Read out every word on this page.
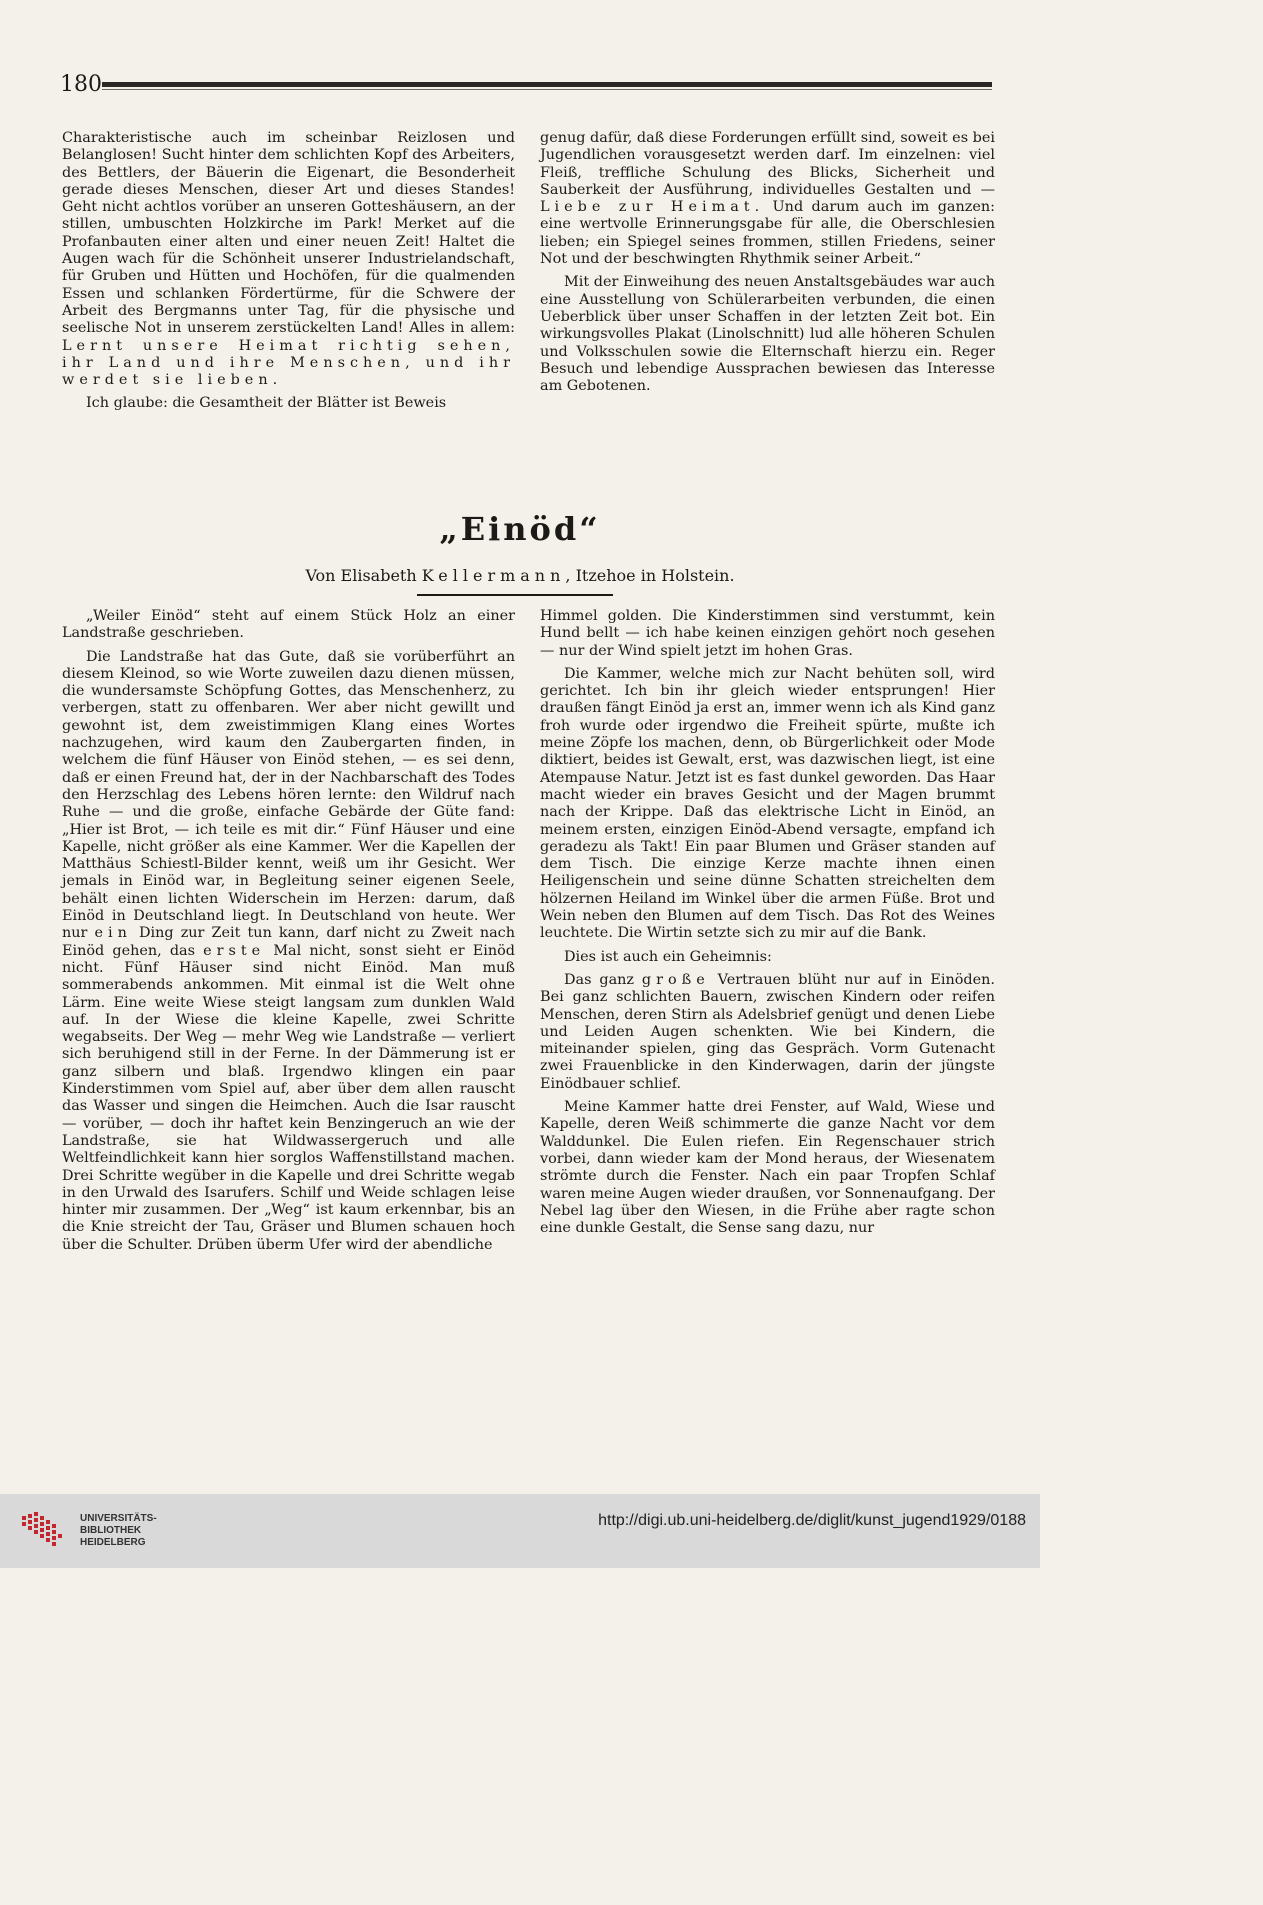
180

Charakteristische auch im scheinbar Reizlosen und Belanglosen! Sucht hinter dem schlichten Kopf des Arbeiters, des Bettlers, der Bäuerin die Eigenart, die Besonderheit gerade dieses Menschen, dieser Art und dieses Standes! Geht nicht achtlos vorüber an unseren Gotteshäusern, an der stillen, umbuschten Holzkirche im Park! Merket auf die Profanbauten einer alten und einer neuen Zeit! Haltet die Augen wach für die Schönheit unserer Industrielandschaft, für Gruben und Hütten und Hochöfen, für die qualmenden Essen und schlanken Fördertürme, für die Schwere der Arbeit des Bergmanns unter Tag, für die physische und seelische Not in unserem zerstückelten Land! Alles in allem: Lernt unsere Heimat richtig sehen, ihr Land und ihre Menschen, und ihr werdet sie lieben.

Ich glaube: die Gesamtheit der Blätter ist Beweis

genug dafür, daß diese Forderungen erfüllt sind, soweit es bei Jugendlichen vorausgesetzt werden darf. Im einzelnen: viel Fleiß, treffliche Schulung des Blicks, Sicherheit und Sauberkeit der Ausführung, individuelles Gestalten und — Liebe zur Heimat. Und darum auch im ganzen: eine wertvolle Erinnerungsgabe für alle, die Oberschlesien lieben; ein Spiegel seines frommen, stillen Friedens, seiner Not und der beschwingten Rhythmik seiner Arbeit.“

Mit der Einweihung des neuen Anstaltsgebäudes war auch eine Ausstellung von Schülerarbeiten verbunden, die einen Ueberblick über unser Schaffen in der letzten Zeit bot. Ein wirkungsvolles Plakat (Linolschnitt) lud alle höheren Schulen und Volksschulen sowie die Elternschaft hierzu ein. Reger Besuch und lebendige Aussprachen bewiesen das Interesse am Gebotenen.

„Einöd“
Von Elisabeth Kellermann, Itzehoe in Holstein.

„Weiler Einöd“ steht auf einem Stück Holz an einer Landstraße geschrieben.

Die Landstraße hat das Gute, daß sie vorüberführt an diesem Kleinod, so wie Worte zuweilen dazu dienen müssen, die wundersamste Schöpfung Gottes, das Menschenherz, zu verbergen, statt zu offenbaren. Wer aber nicht gewillt und gewohnt ist, dem zweistimmigen Klang eines Wortes nachzugehen, wird kaum den Zaubergarten finden, in welchem die fünf Häuser von Einöd stehen, — es sei denn, daß er einen Freund hat, der in der Nachbarschaft des Todes den Herzschlag des Lebens hören lernte: den Wildruf nach Ruhe — und die große, einfache Gebärde der Güte fand: „Hier ist Brot, — ich teile es mit dir.“ Fünf Häuser und eine Kapelle, nicht größer als eine Kammer. Wer die Kapellen der Matthäus Schiestl-Bilder kennt, weiß um ihr Gesicht. Wer jemals in Einöd war, in Begleitung seiner eigenen Seele, behält einen lichten Widerschein im Herzen: darum, daß Einöd in Deutschland liegt. In Deutschland von heute. Wer nur ein Ding zur Zeit tun kann, darf nicht zu Zweit nach Einöd gehen, das erste Mal nicht, sonst sieht er Einöd nicht. Fünf Häuser sind nicht Einöd. Man muß sommerabends ankommen. Mit einmal ist die Welt ohne Lärm. Eine weite Wiese steigt langsam zum dunklen Wald auf. In der Wiese die kleine Kapelle, zwei Schritte wegabseits. Der Weg — mehr Weg wie Landstraße — verliert sich beruhigend still in der Ferne. In der Dämmerung ist er ganz silbern und blaß. Irgendwo klingen ein paar Kinderstimmen vom Spiel auf, aber über dem allen rauscht das Wasser und singen die Heimchen. Auch die Isar rauscht — vorüber, — doch ihr haftet kein Benzingeruch an wie der Landstraße, sie hat Wildwassergeruch und alle Weltfeindlichkeit kann hier sorglos Waffenstillstand machen. Drei Schritte wegüber in die Kapelle und drei Schritte wegab in den Urwald des Isarufers. Schilf und Weide schlagen leise hinter mir zusammen. Der „Weg“ ist kaum erkennbar, bis an die Knie streicht der Tau, Gräser und Blumen schauen hoch über die Schulter. Drüben überm Ufer wird der abendliche

Himmel golden. Die Kinderstimmen sind verstummt, kein Hund bellt — ich habe keinen einzigen gehört noch gesehen — nur der Wind spielt jetzt im hohen Gras.

Die Kammer, welche mich zur Nacht behüten soll, wird gerichtet. Ich bin ihr gleich wieder entsprungen! Hier draußen fängt Einöd ja erst an, immer wenn ich als Kind ganz froh wurde oder irgendwo die Freiheit spürte, mußte ich meine Zöpfe los machen, denn, ob Bürgerlichkeit oder Mode diktiert, beides ist Gewalt, erst, was dazwischen liegt, ist eine Atempause Natur. Jetzt ist es fast dunkel geworden. Das Haar macht wieder ein braves Gesicht und der Magen brummt nach der Krippe. Daß das elektrische Licht in Einöd, an meinem ersten, einzigen Einöd-Abend versagte, empfand ich geradezu als Takt! Ein paar Blumen und Gräser standen auf dem Tisch. Die einzige Kerze machte ihnen einen Heiligenschein und seine dünne Schatten streichelten dem hölzernen Heiland im Winkel über die armen Füße. Brot und Wein neben den Blumen auf dem Tisch. Das Rot des Weines leuchtete. Die Wirtin setzte sich zu mir auf die Bank.

Dies ist auch ein Geheimnis:

Das ganz große Vertrauen blüht nur auf in Einöden. Bei ganz schlichten Bauern, zwischen Kindern oder reifen Menschen, deren Stirn als Adelsbrief genügt und denen Liebe und Leiden Augen schenkten. Wie bei Kindern, die miteinander spielen, ging das Gespräch. Vorm Gutenacht zwei Frauenblicke in den Kinderwagen, darin der jüngste Einödbauer schlief.

Meine Kammer hatte drei Fenster, auf Wald, Wiese und Kapelle, deren Weiß schimmerte die ganze Nacht vor dem Walddunkel. Die Eulen riefen. Ein Regenschauer strich vorbei, dann wieder kam der Mond heraus, der Wiesenatem strömte durch die Fenster. Nach ein paar Tropfen Schlaf waren meine Augen wieder draußen, vor Sonnenaufgang. Der Nebel lag über den Wiesen, in die Frühe aber ragte schon eine dunkle Gestalt, die Sense sang dazu, nur

UNIVERSITÄTS-
BIBLIOTHEK
HEIDELBERG
http://digi.ub.uni-heidelberg.de/diglit/kunst_jugend1929/0188
